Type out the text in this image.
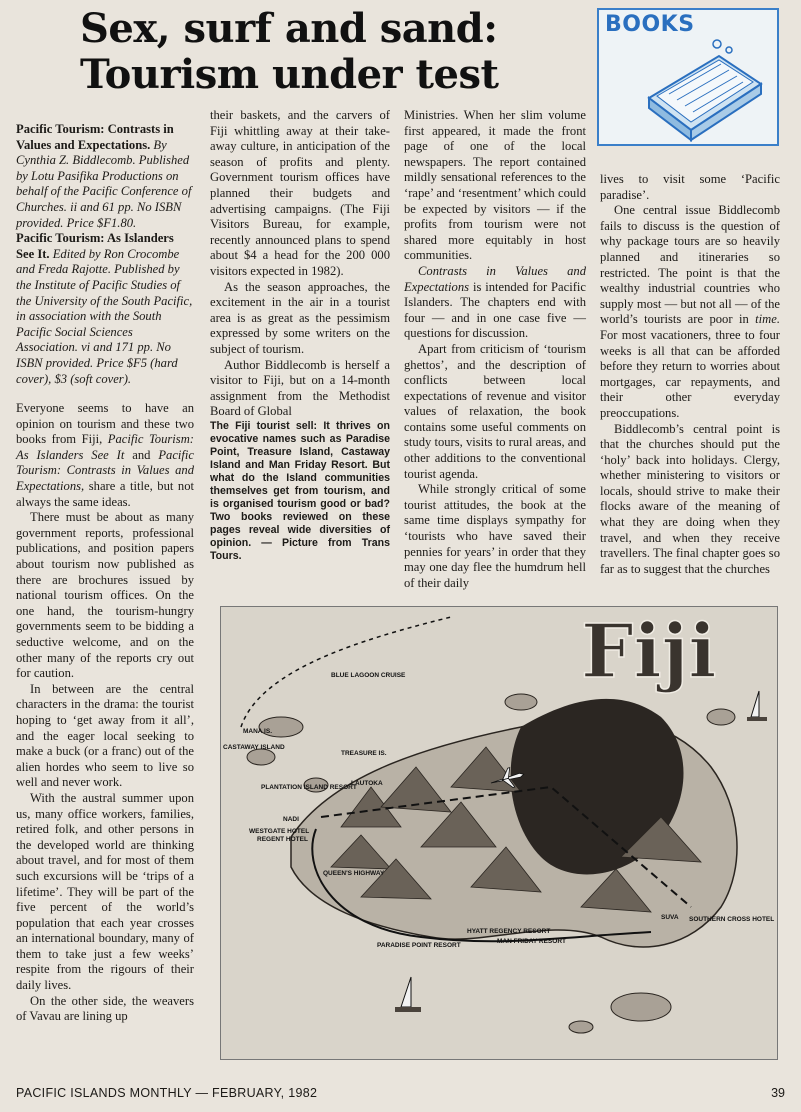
Sex, surf and sand:
Tourism under test
BOOKS

Pacific Tourism: Contrasts in Values and Expectations. By Cynthia Z. Biddlecomb. Published by Lotu Pasifika Productions on behalf of the Pacific Conference of Churches. ii and 61 pp. No ISBN provided. Price $F1.80.

Pacific Tourism: As Islanders See It. Edited by Ron Crocombe and Freda Rajotte. Published by the Institute of Pacific Studies of the University of the South Pacific, in association with the South Pacific Social Sciences Association. vi and 171 pp. No ISBN provided. Price $F5 (hard cover), $3 (soft cover).

Everyone seems to have an opinion on tourism and these two books from Fiji, Pacific Tourism: As Islanders See It and Pacific Tourism: Contrasts in Values and Expectations, share a title, but not always the same ideas.

There must be about as many government reports, professional publications, and position papers about tourism now published as there are brochures issued by national tourism offices. On the one hand, the tourism-hungry governments seem to be bidding a seductive welcome, and on the other many of the reports cry out for caution.

In between are the central characters in the drama: the tourist hoping to ‘get away from it all’, and the eager local seeking to make a buck (or a franc) out of the alien hordes who seem to live so well and never work.

With the austral summer upon us, many office workers, families, retired folk, and other persons in the developed world are thinking about travel, and for most of them such excursions will be ‘trips of a lifetime’. They will be part of the five percent of the world’s population that each year crosses an international boundary, many of them to take just a few weeks’ respite from the rigours of their daily lives.

On the other side, the weavers of Vavau are lining up

their baskets, and the carvers of Fiji whittling away at their take-away culture, in anticipation of the season of profits and plenty. Government tourism offices have planned their budgets and advertising campaigns. (The Fiji Visitors Bureau, for example, recently announced plans to spend about $4 a head for the 200 000 visitors expected in 1982).

As the season approaches, the excitement in the air in a tourist area is as great as the pessimism expressed by some writers on the subject of tourism.

Author Biddlecomb is herself a visitor to Fiji, but on a 14-month assignment from the Methodist Board of Global

The Fiji tourist sell: It thrives on evocative names such as Paradise Point, Treasure Island, Castaway Island and Man Friday Resort. But what do the Island communities themselves get from tourism, and is organised tourism good or bad? Two books reviewed on these pages reveal wide diversities of opinion. — Picture from Trans Tours.

Ministries. When her slim volume first appeared, it made the front page of one of the local newspapers. The report contained mildly sensational references to the ‘rape’ and ‘resentment’ which could be expected by visitors — if the profits from tourism were not shared more equitably in host communities.

Contrasts in Values and Expectations is intended for Pacific Islanders. The chapters end with four — and in one case five — questions for discussion.

Apart from criticism of ‘tourism ghettos’, and the description of conflicts between local expectations of revenue and visitor values of relaxation, the book contains some useful comments on study tours, visits to rural areas, and other additions to the conventional tourist agenda.

While strongly critical of some tourist attitudes, the book at the same time displays sympathy for ‘tourists who have saved their pennies for years’ in order that they may one day flee the humdrum hell of their daily

lives to visit some ‘Pacific paradise’.

One central issue Biddlecomb fails to discuss is the question of why package tours are so heavily planned and itineraries so restricted. The point is that the wealthy industrial countries who supply most — but not all — of the world’s tourists are poor in time. For most vacationers, three to four weeks is all that can be afforded before they return to worries about mortgages, car repayments, and their other everyday preoccupations.

Biddlecomb’s central point is that the churches should put the ‘holy’ back into holidays. Clergy, whether ministering to visitors or locals, should strive to make their flocks aware of the meaning of what they are doing when they travel, and when they receive travellers. The final chapter goes so far as to suggest that the churches

Fiji
BLUE LAGOON CRUISE
MANA IS.
CASTAWAY ISLAND
TREASURE IS.
LAUTOKA
PLANTATION ISLAND RESORT
NADI
WESTGATE HOTEL
REGENT HOTEL
QUEEN'S HIGHWAY
PARADISE POINT RESORT
HYATT REGENCY RESORT
MAN FRIDAY RESORT
SUVA SOUTHERN CROSS HOTEL
PACIFIC ISLANDS MONTHLY — FEBRUARY, 1982	39
